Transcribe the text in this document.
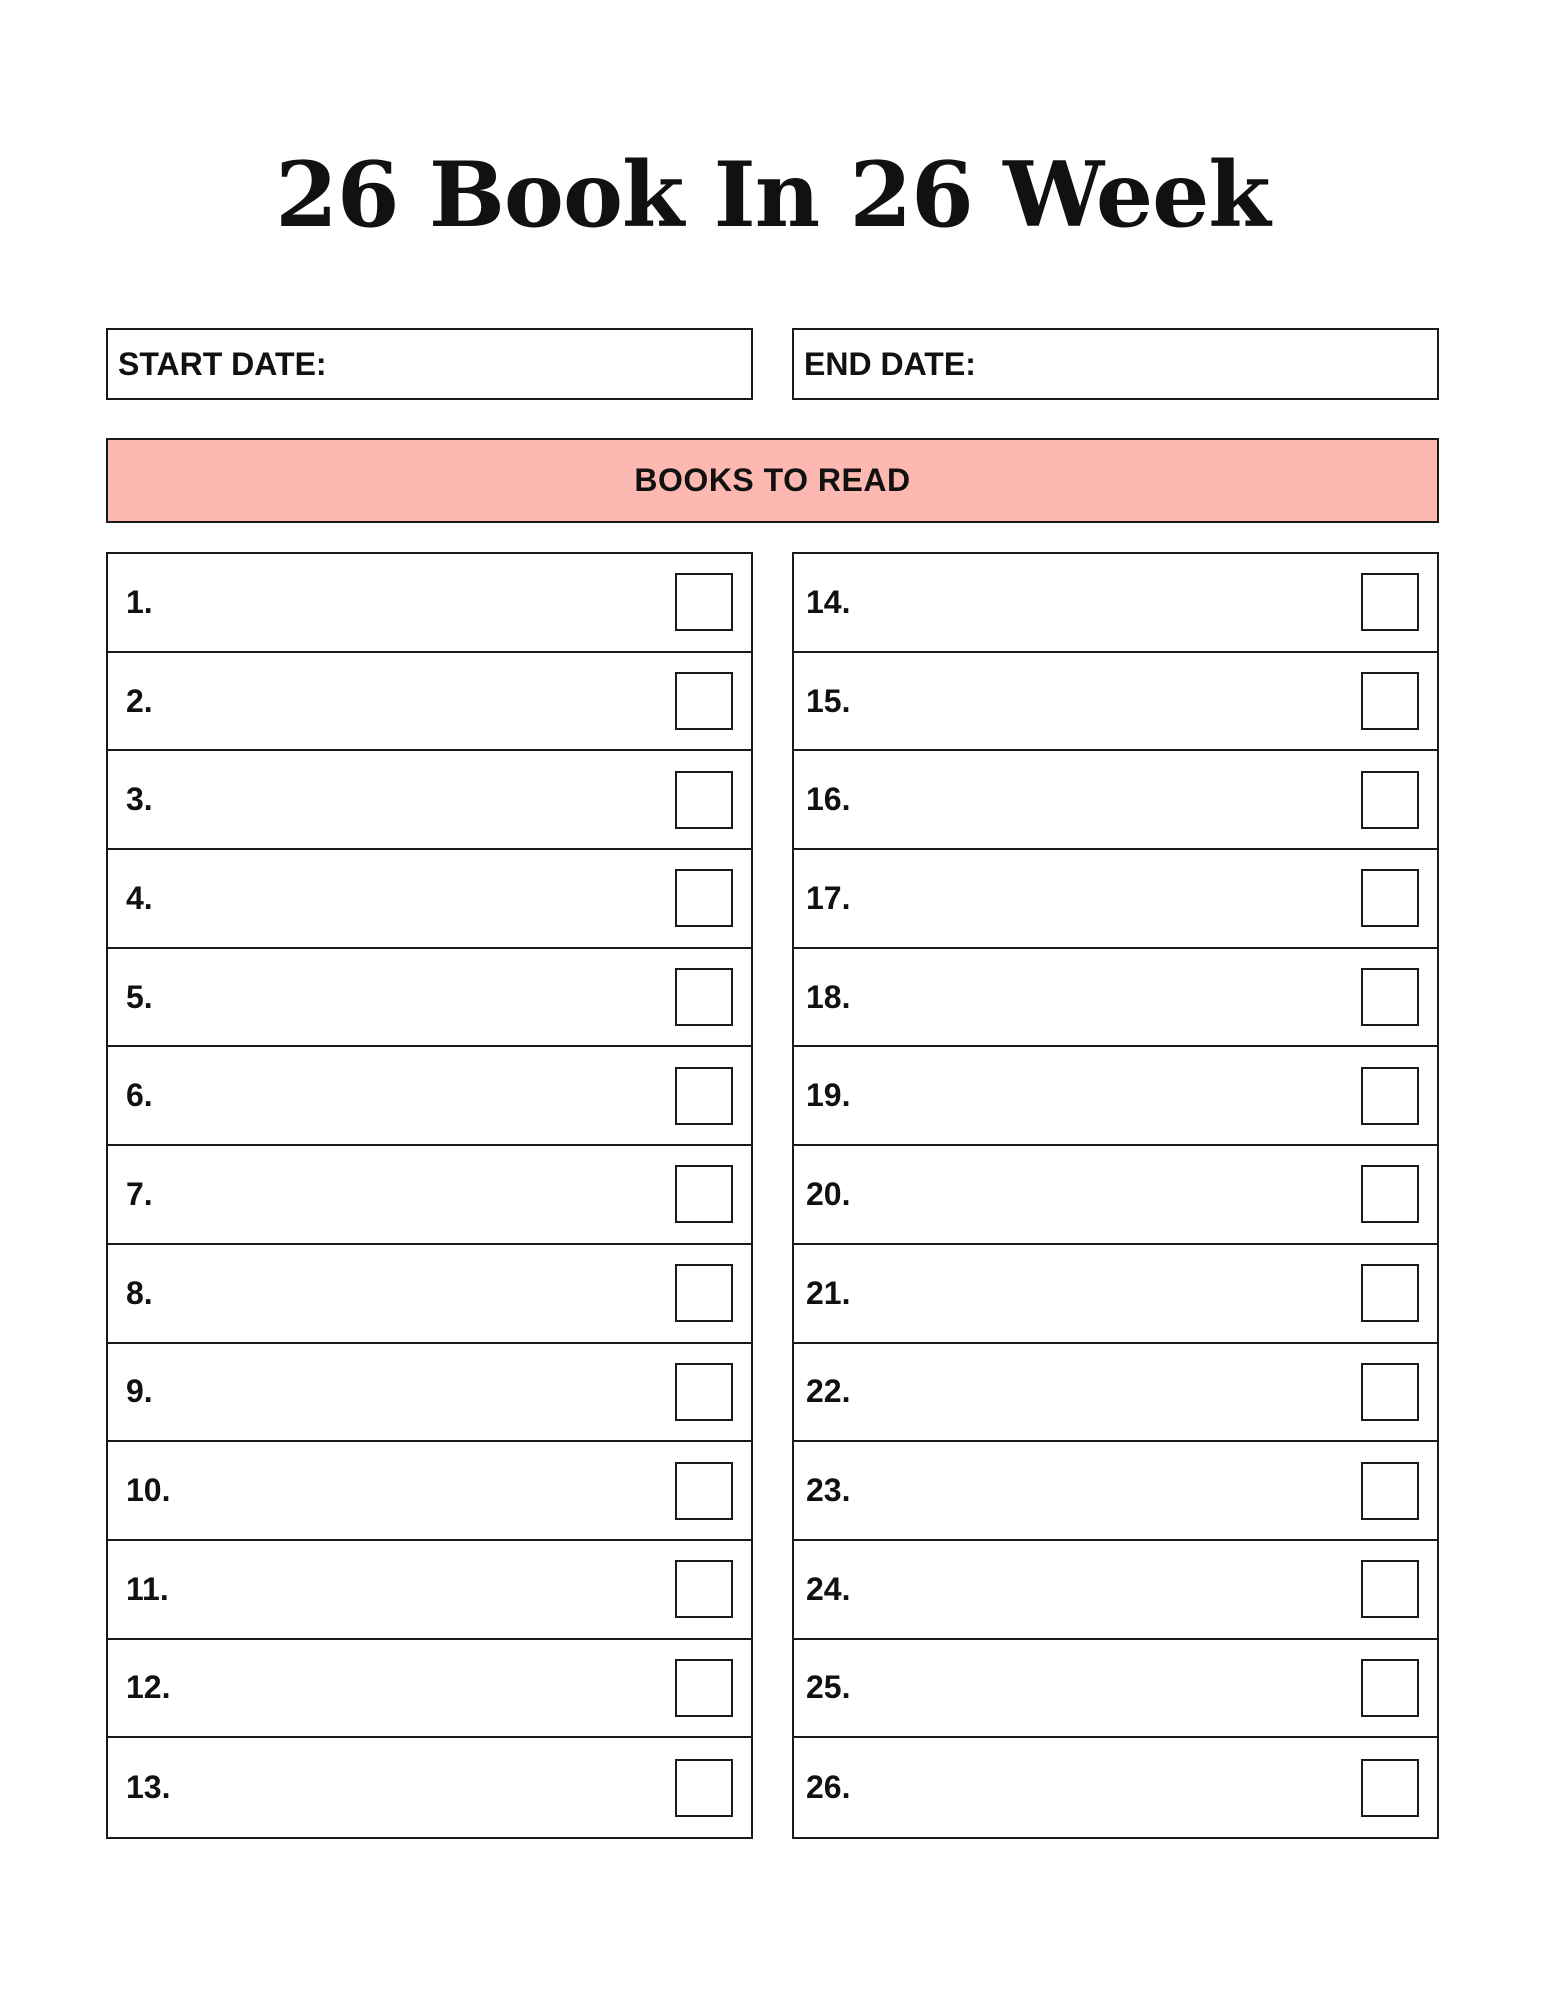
26 Book In 26 Week
START DATE:	END DATE:
BOOKS TO READ
1.
2.
3.
4.
5.
6.
7.
8.
9.
10.
11.
12.
13.
14.
15.
16.
17.
18.
19.
20.
21.
22.
23.
24.
25.
26.
